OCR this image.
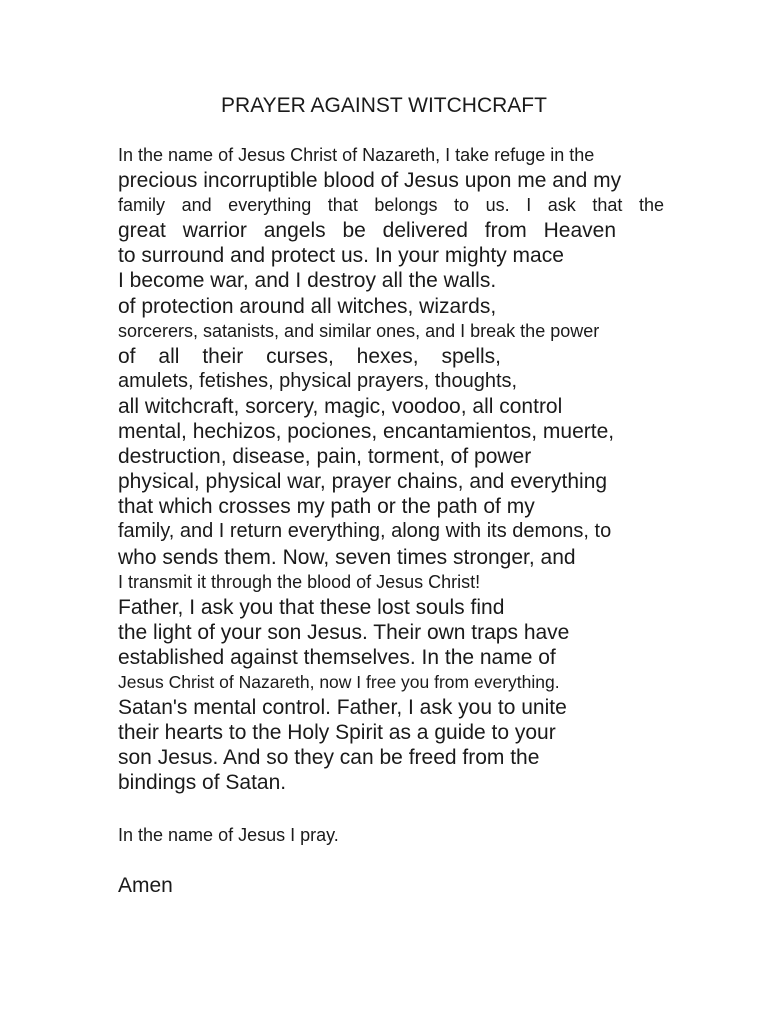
PRAYER AGAINST WITCHCRAFT
In the name of Jesus Christ of Nazareth, I take refuge in the
precious incorruptible blood of Jesus upon me and my
family and everything that belongs to us. I ask that the
great warrior angels be delivered from Heaven
to surround and protect us. In your mighty mace
I become war, and I destroy all the walls.
of protection around all witches, wizards,
sorcerers, satanists, and similar ones, and I break the power
of all their curses, hexes, spells,
amulets, fetishes, physical prayers, thoughts,
all witchcraft, sorcery, magic, voodoo, all control
mental, hechizos, pociones, encantamientos, muerte,
destruction, disease, pain, torment, of power
physical, physical war, prayer chains, and everything
that which crosses my path or the path of my
family, and I return everything, along with its demons, to
who sends them. Now, seven times stronger, and
I transmit it through the blood of Jesus Christ!
Father, I ask you that these lost souls find
the light of your son Jesus. Their own traps have
established against themselves. In the name of
Jesus Christ of Nazareth, now I free you from everything.
Satan's mental control. Father, I ask you to unite
their hearts to the Holy Spirit as a guide to your
son Jesus. And so they can be freed from the
bindings of Satan.
In the name of Jesus I pray.
Amen
